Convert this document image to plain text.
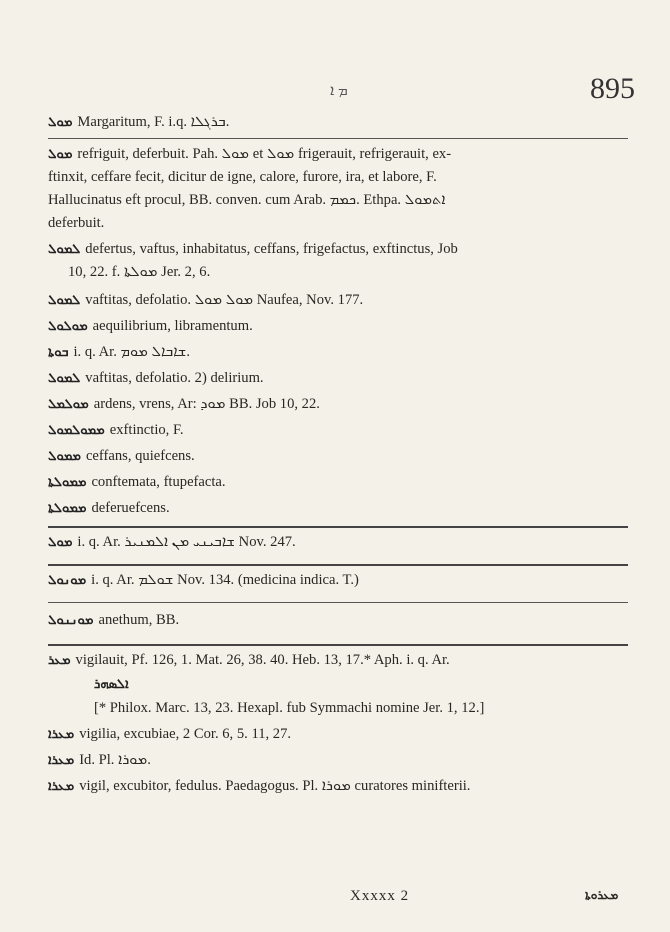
ܡ ܐ	895
ܡܘܠ Margaritum, F. i.q. ܒܪܓܠܐ.
ܡܘܠ refriguit, deferbuit. Pah. ܡܘܠ et ܡܘܠ frigerauit, refrigerauit, ex-
ftinxit, ceffare fecit, dicitur de igne, calore, furore, ira, et labore, F.
Hallucinatus eft procul, BB. conven. cum Arab. ܟܡܡ. Ethpa. ܐܬܡܘܠ
deferbuit.
ܠܡܘܠ defertus, vaftus, inhabitatus, ceffans, frigefactus, exftinctus, Job
10, 22. f. ܡܘܠܬܐ Jer. 2, 6.
ܠܡܘܠ vaftitas, defolatio. ܡܘܠ ܡܘܠ Naufea, Nov. 177.
ܡܘܠܘܠ aequilibrium, libramentum.
ܒܘܬܐ i. q. Ar. ܫܐܒܐܠ ܡܘܡ.
ܠܡܘܠ vaftitas, defolatio. 2) delirium.
ܡܘܠܡܠ ardens, vrens, Ar: ܡܘܕ BB. Job 10, 22.
ܡܡܘܠܡܘܠ exftinctio, F.
ܡܡܘܠ ceffans, quiefcens.
ܡܡܘܠܬܐ conftemata, ftupefacta.
ܡܡܘܠܬܐ deferuefcens.
ܡܘܠ i. q. Ar. ܫܐܒܝܢܝ ܡܢ ܐܠܡܢܝܪ Nov. 247.
ܡܘܢܘܠ i. q. Ar. ܫܘܠܡ Nov. 134. (medicina indica. T.)
ܡܘܢܢܘܠ anethum, BB.
ܡܥܪ vigilauit, Pf. 126, 1. Mat. 26, 38. 40. Heb. 13, 17.* Aph. i. q. Ar.
ܐܠܣܗܪ
[* Philox. Marc. 13, 23. Hexapl. fub Symmachi nomine Jer. 1, 12.]
ܡܥܪܐ vigilia, excubiae, 2 Cor. 6, 5. 11, 27.
ܡܥܪܐ Id. Pl. ܡܘܪܐ.
ܡܥܪܐ vigil, excubitor, fedulus. Paedagogus. Pl. ܡܘܪܐ curatores minifterii.
Xxxxx 2	ܡܥܪܘܬܐ
